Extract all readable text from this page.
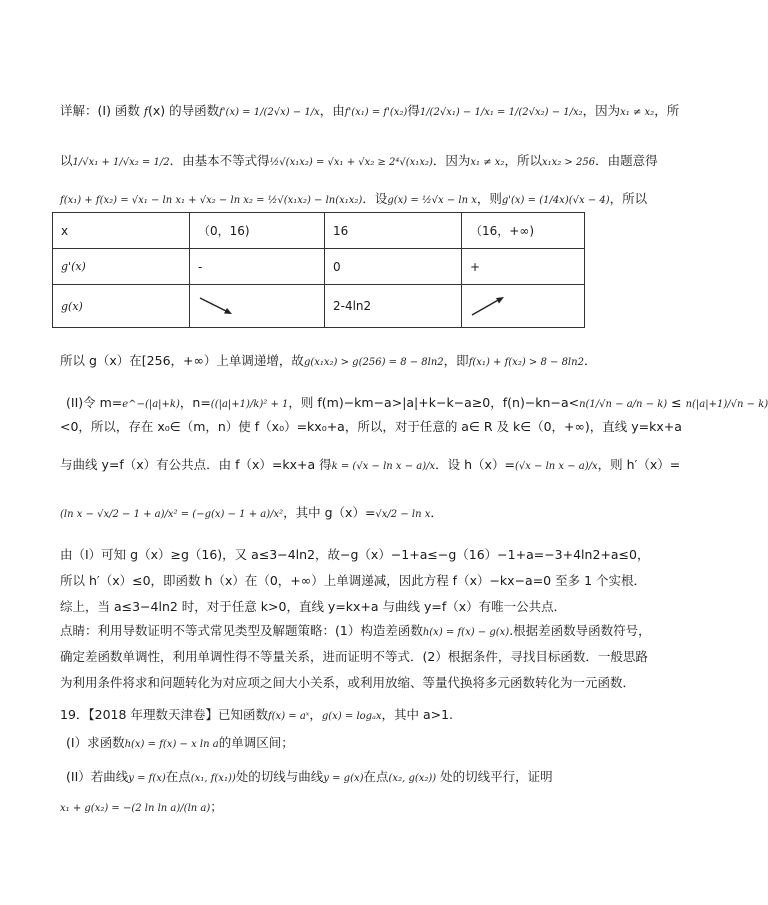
详解：(I) 函数 f(x) 的导函数f'(x) = 1/(2√x) − 1/x，由f'(x₁) = f'(x₂)得1/(2√x₁) − 1/x₁ = 1/(2√x₂) − 1/x₂，因为x₁ ≠ x₂，所
以1/√x₁ + 1/√x₂ = 1/2．由基本不等式得½√(x₁x₂) = √x₁ + √x₂ ≥ 2⁴√(x₁x₂)．因为x₁ ≠ x₂，所以x₁x₂ > 256．由题意得
f(x₁) + f(x₂) = √x₁ − ln x₁ + √x₂ − ln x₂ = ½√(x₁x₂) − ln(x₁x₂)．设g(x) = ½√x − ln x，则g'(x) = (1/4x)(√x − 4)，所以
x	（0，16)	16	（16，+∞)
g'(x)	-	0	+
g(x)		2-4ln2	
所以 g（x）在[256，+∞）上单调递增，故g(x₁x₂) > g(256) = 8 − 8ln2，即f(x₁) + f(x₂) > 8 − 8ln2．
(II)令 m=e^−(|a|+k)，n=((|a|+1)/k)² + 1，则 f(m)−km−a>|a|+k−k−a≥0，f(n)−kn−a<n(1/√n − a/n − k) ≤ n(|a|+1)/√n − k)
<0，所以，存在 x₀∈（m，n）使 f（x₀）=kx₀+a，所以，对于任意的 a∈ R 及 k∈（0，+∞)，直线 y=kx+a
与曲线 y=f（x）有公共点．由 f（x）=kx+a 得k = (√x − ln x − a)/x．设 h（x）=(√x − ln x − a)/x，则 h′（x）=
(ln x − √x/2 − 1 + a)/x² = (−g(x) − 1 + a)/x²，其中 g（x）=√x/2 − ln x．
由（I）可知 g（x）≥g（16)，又 a≤3−4ln2，故−g（x）−1+a≤−g（16）−1+a=−3+4ln2+a≤0，
所以 h′（x）≤0，即函数 h（x）在（0，+∞）上单调递减，因此方程 f（x）−kx−a=0 至多 1 个实根．
综上，当 a≤3−4ln2 时，对于任意 k>0，直线 y=kx+a 与曲线 y=f（x）有唯一公共点．
点睛：利用导数证明不等式常见类型及解题策略：(1）构造差函数h(x) = f(x) − g(x).根据差函数导函数符号，
确定差函数单调性，利用单调性得不等量关系，进而证明不等式．(2）根据条件，寻找目标函数．一般思路
为利用条件将求和问题转化为对应项之间大小关系，或利用放缩、等量代换将多元函数转化为一元函数．
19．【2018 年理数天津卷】已知函数f(x) = aˣ，g(x) = logₐx，其中 a>1.
(I）求函数h(x) = f(x) − x ln a的单调区间；
(II）若曲线y = f(x)在点(x₁, f(x₁))处的切线与曲线y = g(x)在点(x₂, g(x₂)) 处的切线平行，证明
x₁ + g(x₂) = −(2 ln ln a)/(ln a)；
